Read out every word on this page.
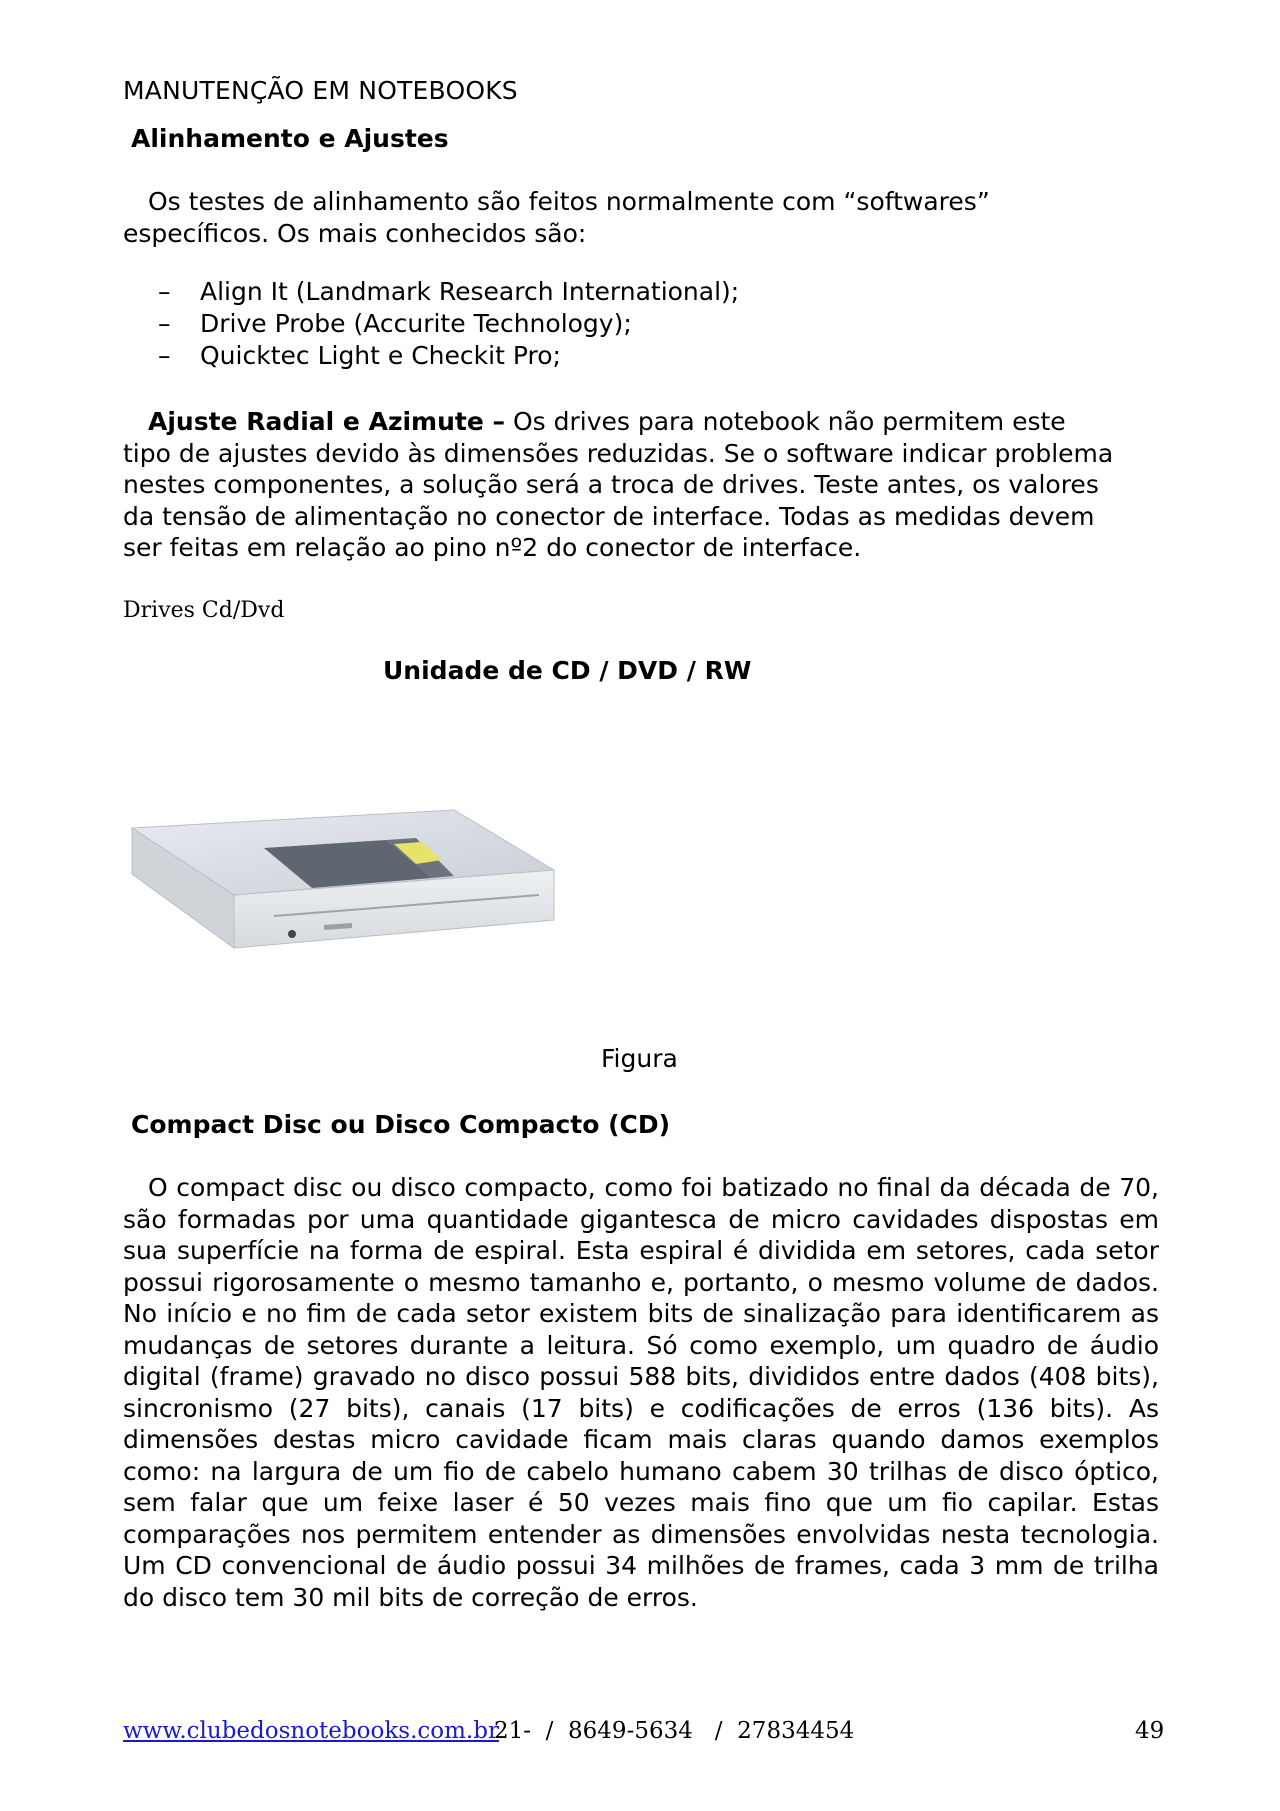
MANUTENÇÃO EM NOTEBOOKS
Alinhamento e Ajustes
Os testes de alinhamento são feitos normalmente com “softwares”
específicos. Os mais conhecidos são:
–	Align It (Landmark Research International);
–	Drive Probe (Accurite Technology);
–	Quicktec Light e Checkit Pro;
Ajuste Radial e Azimute – Os drives para notebook não permitem este
tipo de ajustes devido às dimensões reduzidas. Se o software indicar problema
nestes componentes, a solução será a troca de drives. Teste antes, os valores
da tensão de alimentação no conector de interface. Todas as medidas devem
ser feitas em relação ao pino nº2 do conector de interface.
Drives Cd/Dvd
Unidade de CD / DVD / RW
Figura
Compact Disc ou Disco Compacto (CD)
O compact disc ou disco compacto, como foi batizado no final da década de 70, são formadas por uma quantidade gigantesca de micro cavidades dispostas em sua superfície na forma de espiral. Esta espiral é dividida em setores, cada setor possui rigorosamente o mesmo tamanho e, portanto, o mesmo volume de dados. No início e no fim de cada setor existem bits de sinalização para identificarem as mudanças de setores durante a leitura. Só como exemplo, um quadro de áudio digital (frame) gravado no disco possui 588 bits, divididos entre dados (408 bits), sincronismo (27 bits), canais (17 bits) e codificações de erros (136 bits). As dimensões destas micro cavidade ficam mais claras quando damos exemplos como: na largura de um fio de cabelo humano cabem 30 trilhas de disco óptico, sem falar que um feixe laser é 50 vezes mais fino que um fio capilar. Estas comparações nos permitem entender as dimensões envolvidas nesta tecnologia. Um CD convencional de áudio possui 34 milhões de frames, cada 3 mm de trilha do disco tem 30 mil bits de correção de erros.
www.clubedosnotebooks.com.br
21-  /  8649-5634   /  27834454	49
